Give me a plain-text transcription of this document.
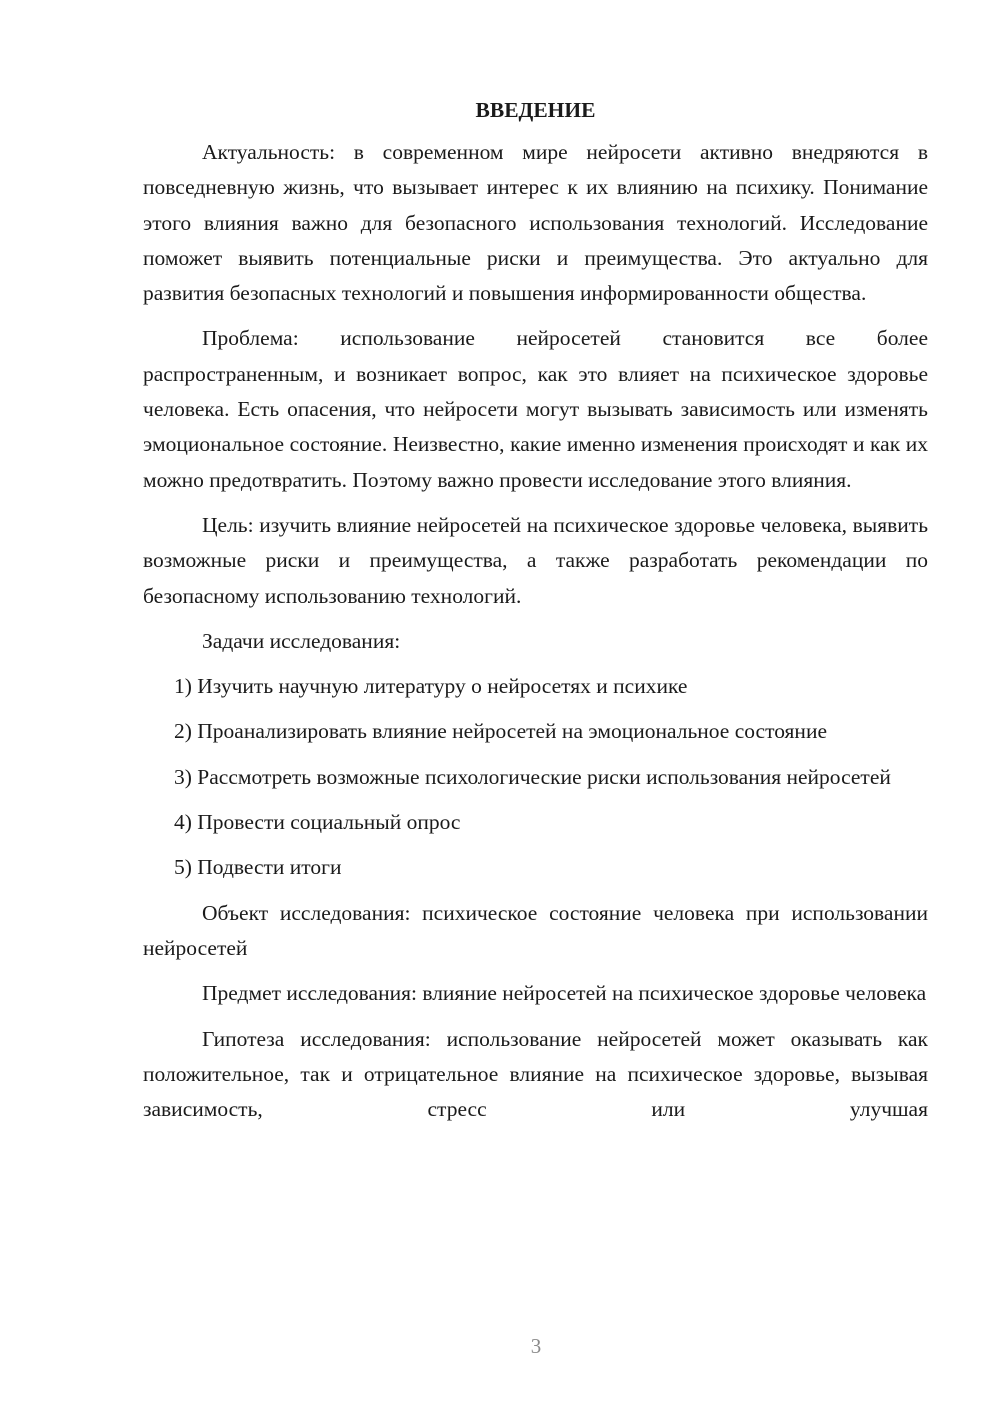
ВВЕДЕНИЕ

Актуальность: в современном мире нейросети активно внедряются в повседневную жизнь, что вызывает интерес к их влиянию на психику. Понимание этого влияния важно для безопасного использования технологий. Исследование поможет выявить потенциальные риски и преимущества. Это актуально для развития безопасных технологий и повышения информированности общества.

Проблема: использование нейросетей становится все более распространенным, и возникает вопрос, как это влияет на психическое здоровье человека. Есть опасения, что нейросети могут вызывать зависимость или изменять эмоциональное состояние. Неизвестно, какие именно изменения происходят и как их можно предотвратить. Поэтому важно провести исследование этого влияния.

Цель: изучить влияние нейросетей на психическое здоровье человека, выявить возможные риски и преимущества, а также разработать рекомендации по безопасному использованию технологий.

Задачи исследования:

1) Изучить научную литературу о нейросетях и психике

2) Проанализировать влияние нейросетей на эмоциональное состояние

3) Рассмотреть возможные психологические риски использования нейросетей

4) Провести социальный опрос

5) Подвести итоги

Объект исследования: психическое состояние человека при использовании нейросетей

Предмет исследования: влияние нейросетей на психическое здоровье человека

Гипотеза исследования: использование нейросетей может оказывать как положительное, так и отрицательное влияние на психическое здоровье, вызывая зависимость, стресс или улучшая

3
